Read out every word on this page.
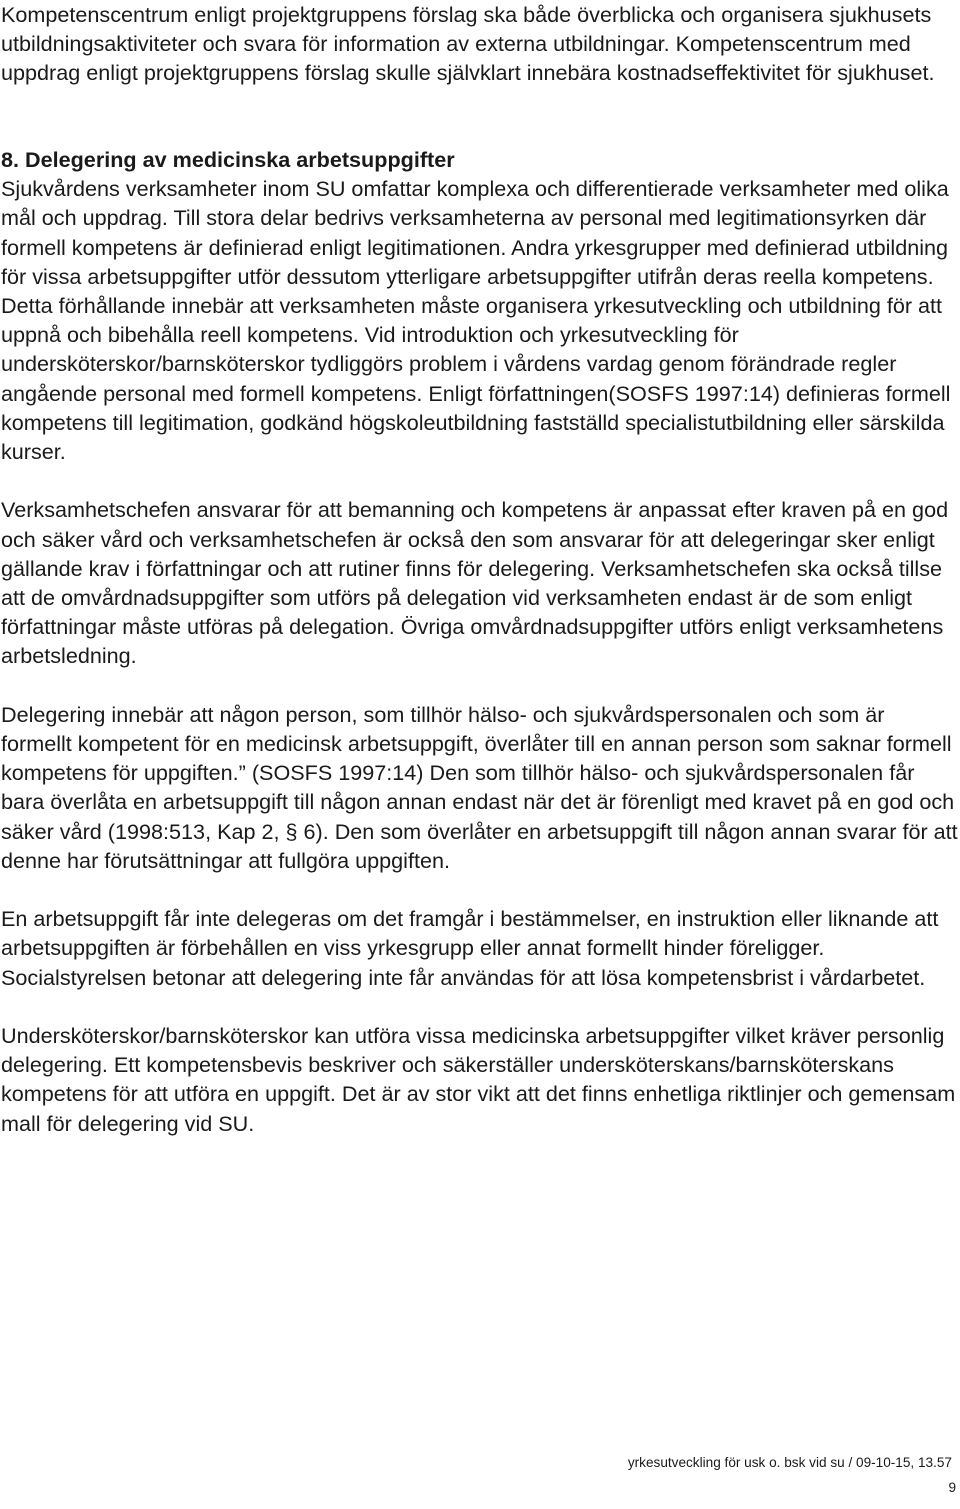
Kompetenscentrum enligt projektgruppens förslag ska både överblicka och organisera sjukhusets utbildningsaktiviteter och svara för information av externa utbildningar. Kompetenscentrum med uppdrag enligt projektgruppens förslag skulle självklart innebära kostnadseffektivitet för sjukhuset.

8. Delegering av medicinska arbetsuppgifter

Sjukvårdens verksamheter inom SU omfattar komplexa och differentierade verksamheter med olika mål och uppdrag. Till stora delar bedrivs verksamheterna av personal med legitimationsyrken där formell kompetens är definierad enligt legitimationen. Andra yrkesgrupper med definierad utbildning för vissa arbetsuppgifter utför dessutom ytterligare arbetsuppgifter utifrån deras reella kompetens. Detta förhållande innebär att verksamheten måste organisera yrkesutveckling och utbildning för att uppnå och bibehålla reell kompetens. Vid introduktion och yrkesutveckling för undersköterskor/barnsköterskor tydliggörs problem i vårdens vardag genom förändrade regler angående personal med formell kompetens. Enligt författningen(SOSFS 1997:14) definieras formell kompetens till legitimation, godkänd högskoleutbildning fastställd specialistutbildning eller särskilda kurser.

Verksamhetschefen ansvarar för att bemanning och kompetens är anpassat efter kraven på en god och säker vård och verksamhetschefen är också den som ansvarar för att delegeringar sker enligt gällande krav i författningar och att rutiner finns för delegering. Verksamhetschefen ska också tillse att de omvårdnadsuppgifter som utförs på delegation vid verksamheten endast är de som enligt författningar måste utföras på delegation. Övriga omvårdnadsuppgifter utförs enligt verksamhetens arbetsledning.

Delegering innebär att någon person, som tillhör hälso- och sjukvårdspersonalen och som är formellt kompetent för en medicinsk arbetsuppgift, överlåter till en annan person som saknar formell kompetens för uppgiften.” (SOSFS 1997:14) Den som tillhör hälso- och sjukvårdspersonalen får bara överlåta en arbetsuppgift till någon annan endast när det är förenligt med kravet på en god och säker vård (1998:513, Kap 2, § 6). Den som överlåter en arbetsuppgift till någon annan svarar för att denne har förutsättningar att fullgöra uppgiften.

En arbetsuppgift får inte delegeras om det framgår i bestämmelser, en instruktion eller liknande att arbetsuppgiften är förbehållen en viss yrkesgrupp eller annat formellt hinder föreligger. Socialstyrelsen betonar att delegering inte får användas för att lösa kompetensbrist i vårdarbetet.

Undersköterskor/barnsköterskor kan utföra vissa medicinska arbetsuppgifter vilket kräver personlig delegering. Ett kompetensbevis beskriver och säkerställer undersköterskans/barnsköterskans kompetens för att utföra en uppgift. Det är av stor vikt att det finns enhetliga riktlinjer och gemensam mall för delegering vid SU.

yrkesutveckling för usk o. bsk vid su / 09-10-15, 13.57
9
